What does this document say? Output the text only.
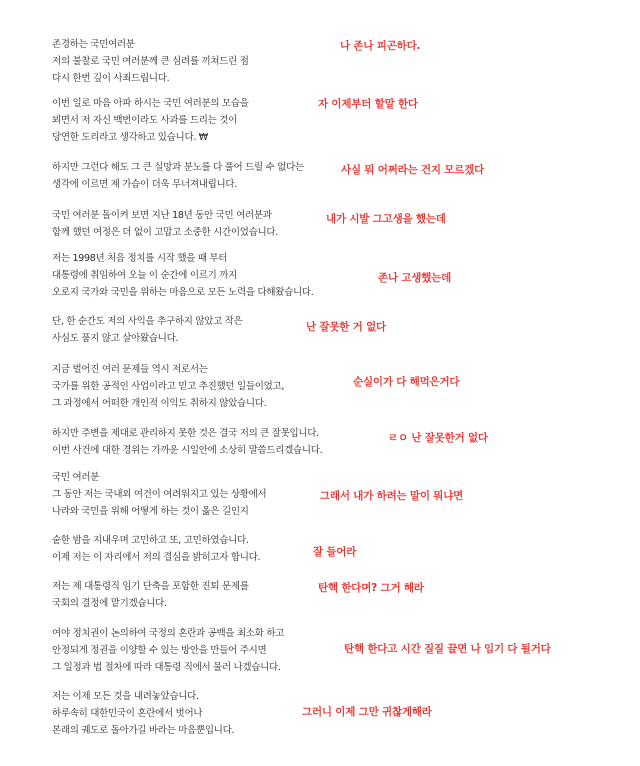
존경하는 국민여러분
저의 불찰로 국민 여러분께 큰 심려를 끼쳐드린 점
다시 한번 깊이 사죄드립니다.
나 존나 피곤하다.
이번 일로 마음 아파 하시는 국민 여러분의 모습을
뵈면서 저 자신 백번이라도 사과를 드리는 것이
당연한 도리라고 생각하고 있습니다. ₩
자 이제부터 할말 한다
하지만 그런다 해도 그 큰 실망과 분노를 다 풀어 드릴 수 없다는
생각에 이르면 제 가슴이 더욱 무너져내립니다.
사실 뭐 어쩌라는 건지 모르겠다
국민 여러분 돌이켜 보면 지난 18년 동안 국민 여러분과
함께 했던 여정은 더 없이 고맙고 소중한 시간이었습니다.
내가 시발 그고생을 했는데
저는 1998년 처음 정치를 시작 했을 때 부터
대통령에 취임하여 오늘 이 순간에 이르기 까지
오로지 국가와 국민을 위하는 마음으로 모든 노력을 다해왔습니다.
존나 고생했는데
단, 한 순간도 저의 사익을 추구하지 않았고 작은
사심도 품지 않고 살아왔습니다.
난 잘못한 거 없다
지금 벌어진 여러 문제들 역시 저로서는
국가를 위한 공적인 사업이라고 믿고 추진했던 일들이었고,
그 과정에서 어떠한 개인적 이익도 취하지 않았습니다.
순실이가 다 해먹은거다
하지만 주변을 제대로 관리하지 못한 것은 결국 저의 큰 잘못입니다.
이번 사건에 대한 경위는 가까운 시일안에 소상히 말씀드리겠습니다.
ㄹㅇ 난 잘못한거 없다
국민 여러분
그 동안 저는 국내외 여건이 여려워지고 있는 상황에서
나라와 국민을 위해 어떻게 하는 것이 옳은 길인지
그래서 내가 하려는 말이 뭐냐면
숱한 밤을 지내우며 고민하고 또, 고민하였습니다.
이제 저는 이 자리에서 저의 결심을 밝히고자 합니다.	잘 들어라
저는 제 대통령직 임기 단축을 포함한 진퇴 문제를
국회의 결정에 맡기겠습니다.
탄핵 한다며? 그거 해라
여야 정치권이 논의하여 국정의 혼란과 공백을 최소화 하고
안정되게 정권을 이양할 수 있는 방안을 만들어 주시면
그 일정과 법 절차에 따라 대통령 직에서 물러 나겠습니다.
탄핵 한다고 시간 질질 끌면 나 임기 다 될거다
저는 이제 모든 것을 내려놓았습니다.
하루속히 대한민국이 혼란에서 벗어나
본래의 궤도로 돌아가길 바라는 마음뿐입니다.
그러니 이제 그만 귀찮게해라
